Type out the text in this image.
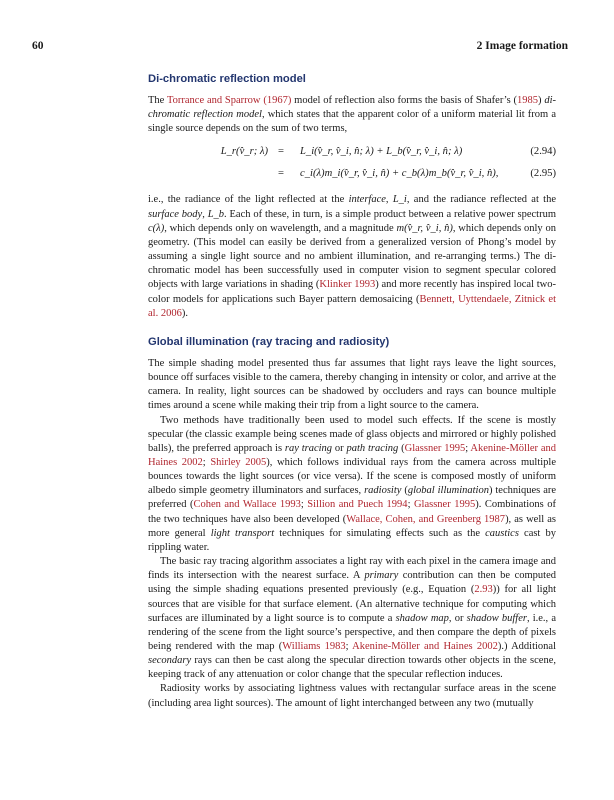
60	2 Image formation
Di-chromatic reflection model

The Torrance and Sparrow (1967) model of reflection also forms the basis of Shafer’s (1985) di-chromatic reflection model, which states that the apparent color of a uniform material lit from a single source depends on the sum of two terms,

L_r(v̂_r; λ) = L_i(v̂_r, v̂_i, n̂; λ) + L_b(v̂_r, v̂_i, n̂; λ)	(2.94)
= c_i(λ)m_i(v̂_r, v̂_i, n̂) + c_b(λ)m_b(v̂_r, v̂_i, n̂),	(2.95)

i.e., the radiance of the light reflected at the interface, L_i, and the radiance reflected at the surface body, L_b. Each of these, in turn, is a simple product between a relative power spectrum c(λ), which depends only on wavelength, and a magnitude m(v̂_r, v̂_i, n̂), which depends only on geometry. (This model can easily be derived from a generalized version of Phong’s model by assuming a single light source and no ambient illumination, and re-arranging terms.) The di-chromatic model has been successfully used in computer vision to segment specular colored objects with large variations in shading (Klinker 1993) and more recently has inspired local two-color models for applications such Bayer pattern demosaicing (Bennett, Uyttendaele, Zitnick et al. 2006).

Global illumination (ray tracing and radiosity)

The simple shading model presented thus far assumes that light rays leave the light sources, bounce off surfaces visible to the camera, thereby changing in intensity or color, and arrive at the camera. In reality, light sources can be shadowed by occluders and rays can bounce multiple times around a scene while making their trip from a light source to the camera.

Two methods have traditionally been used to model such effects. If the scene is mostly specular (the classic example being scenes made of glass objects and mirrored or highly polished balls), the preferred approach is ray tracing or path tracing (Glassner 1995; Akenine-Möller and Haines 2002; Shirley 2005), which follows individual rays from the camera across multiple bounces towards the light sources (or vice versa). If the scene is composed mostly of uniform albedo simple geometry illuminators and surfaces, radiosity (global illumination) techniques are preferred (Cohen and Wallace 1993; Sillion and Puech 1994; Glassner 1995). Combinations of the two techniques have also been developed (Wallace, Cohen, and Greenberg 1987), as well as more general light transport techniques for simulating effects such as the caustics cast by rippling water.

The basic ray tracing algorithm associates a light ray with each pixel in the camera image and finds its intersection with the nearest surface. A primary contribution can then be computed using the simple shading equations presented previously (e.g., Equation (2.93)) for all light sources that are visible for that surface element. (An alternative technique for computing which surfaces are illuminated by a light source is to compute a shadow map, or shadow buffer, i.e., a rendering of the scene from the light source’s perspective, and then compare the depth of pixels being rendered with the map (Williams 1983; Akenine-Möller and Haines 2002).) Additional secondary rays can then be cast along the specular direction towards other objects in the scene, keeping track of any attenuation or color change that the specular reflection induces.

Radiosity works by associating lightness values with rectangular surface areas in the scene (including area light sources). The amount of light interchanged between any two (mutually
